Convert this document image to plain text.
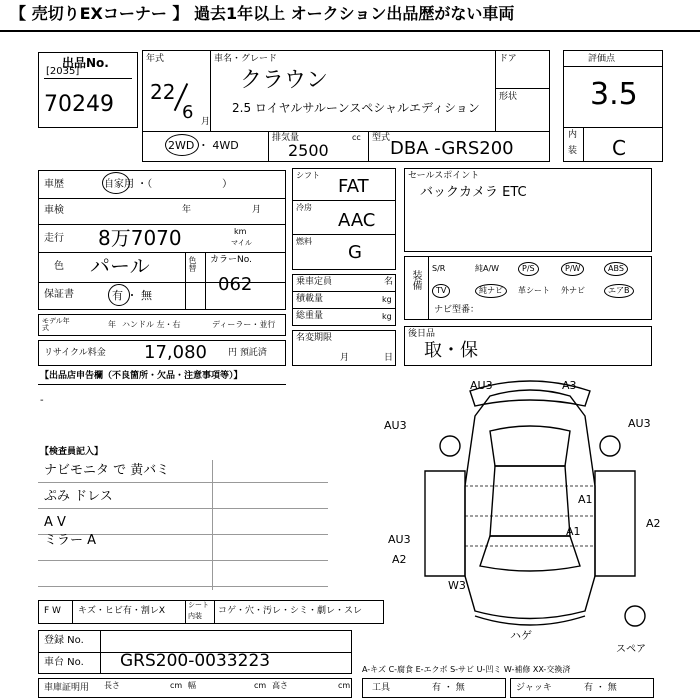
【 売切りEXコーナー 】 過去1年以上 オークション出品歴がない車両
出品No.
[2035]
70249
年式
22
6 月
車名・グレード
クラウン
2.5 ロイヤルサルーンスペシャルエディション
ドア
形状
2WD ・ 4WD
排気量
2500
cc 型式 DBA -GRS200
評価点
3.5
内
装 C
車歴	自家用 ・（　　　　　　　）
車検	年	月
走行 8万7070	km
マイル
色 パール	色替 カラーNo.
062
保証書	有 ・ 無
モデル年式	年 ハンドル 左・右	ディーラー・並行
リサイクル料金 17,080 円 預託済
シフト
FAT
冷房
AAC
燃料
G
乗車定員	名
積載量	kg
総重量	kg
名変期限
月	日
セールスポイント
バックカメラ ETC
装備
S/R	純A/W	P/S	P/W	ABS
TV	純ナビ	革シート 外ナビ	エアB
ナビ型番：
後日品
取・保
【出品店申告欄（不良箇所・欠品・注意事項等）】
-
【検査員記入】
ナビモニタ で 黄バミ
ぷみ ドレス
A V
ミラー A
AU3	A3
AU3	AU3
A1
A1
AU3
A2
A2
W3
ハゲ
スペア
A-キズ C-腐食 E-エクボ S-サビ U-凹ミ W-補修 XX-交換済
F W キズ・ヒビ有・割レX
シート
内装 コゲ・穴・汚レ・シミ・劇レ・スレ
登録 No.
車台 No. GRS200-0033223
車庫証明用 長さ	cm 幅	cm 高さ	cm 工具	有 ・ 無	ジャッキ	有 ・ 無
